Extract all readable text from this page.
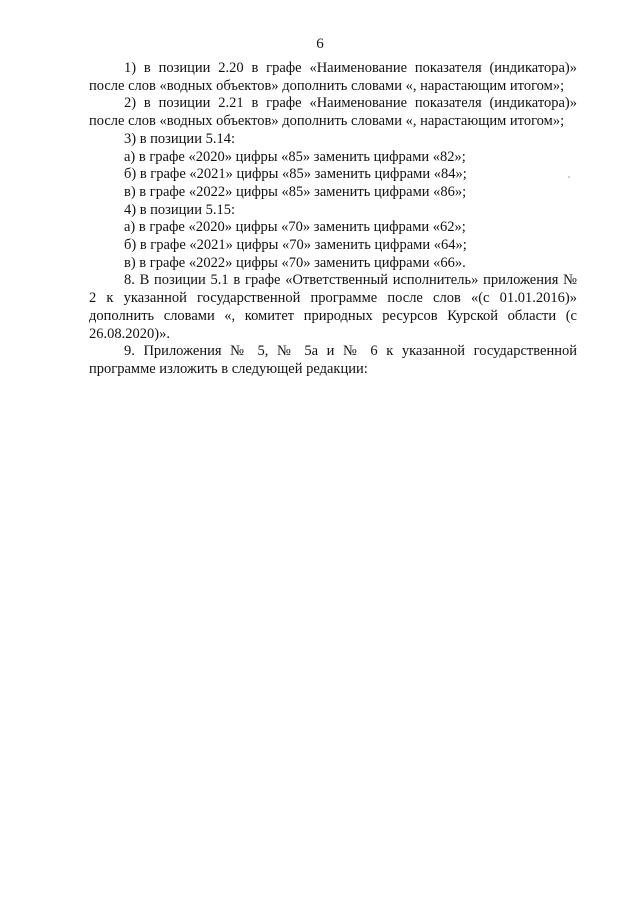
6

1) в позиции 2.20 в графе «Наименование показателя (индикатора)» после слов «водных объектов» дополнить словами «, нарастающим итогом»;

2) в позиции 2.21 в графе «Наименование показателя (индикатора)» после слов «водных объектов» дополнить словами «, нарастающим итогом»;

3) в позиции 5.14:

а) в графе «2020» цифры «85» заменить цифрами «82»;

б) в графе «2021» цифры «85» заменить цифрами «84»;

в) в графе «2022» цифры «85» заменить цифрами «86»;

4) в позиции 5.15:

а) в графе «2020» цифры «70» заменить цифрами «62»;

б) в графе «2021» цифры «70» заменить цифрами «64»;

в) в графе «2022» цифры «70» заменить цифрами «66».

8. В позиции 5.1 в графе «Ответственный исполнитель» приложения № 2 к указанной государственной программе после слов «(с 01.01.2016)» дополнить словами «, комитет природных ресурсов Курской области (с 26.08.2020)».

9. Приложения № 5, № 5а и № 6 к указанной государственной программе изложить в следующей редакции:
